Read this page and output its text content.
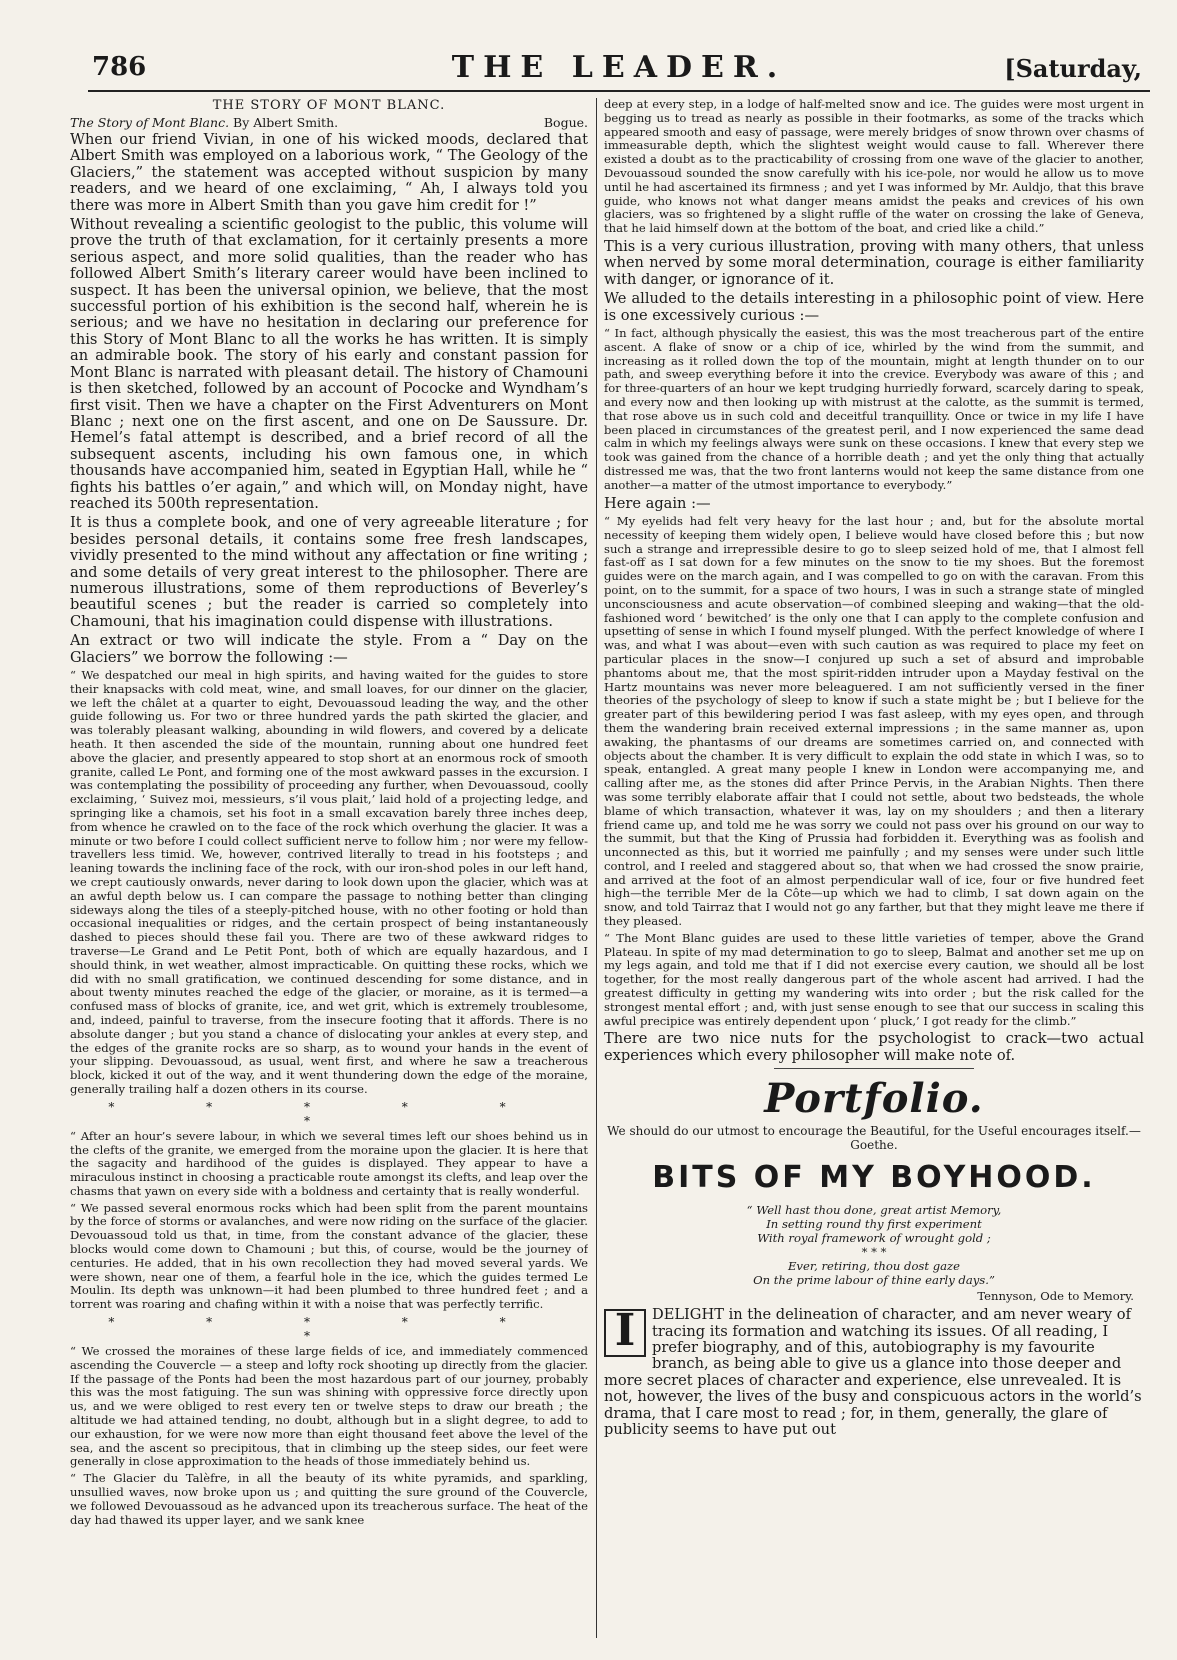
786	THE LEADER.	[Saturday,
THE STORY OF MONT BLANC.
The Story of Mont Blanc. By Albert Smith.	Bogue.

When our friend Vivian, in one of his wicked moods, declared that Albert Smith was employed on a laborious work, “ The Geology of the Glaciers,” the statement was accepted without suspicion by many readers, and we heard of one exclaiming, “ Ah, I always told you there was more in Albert Smith than you gave him credit for !”

Without revealing a scientific geologist to the public, this volume will prove the truth of that exclamation, for it certainly presents a more serious aspect, and more solid qualities, than the reader who has followed Albert Smith’s literary career would have been inclined to suspect. It has been the universal opinion, we believe, that the most successful portion of his exhibition is the second half, wherein he is serious; and we have no hesitation in declaring our preference for this Story of Mont Blanc to all the works he has written. It is simply an admirable book. The story of his early and constant passion for Mont Blanc is narrated with pleasant detail. The history of Chamouni is then sketched, followed by an account of Pococke and Wyndham’s first visit. Then we have a chapter on the First Adventurers on Mont Blanc ; next one on the first ascent, and one on De Saussure. Dr. Hemel’s fatal attempt is described, and a brief record of all the subsequent ascents, including his own famous one, in which thousands have accompanied him, seated in Egyptian Hall, while he “ fights his battles o’er again,” and which will, on Monday night, have reached its 500th representation.

It is thus a complete book, and one of very agreeable literature ; for besides personal details, it contains some free fresh landscapes, vividly presented to the mind without any affectation or fine writing ; and some details of very great interest to the philosopher. There are numerous illustrations, some of them reproductions of Beverley’s beautiful scenes ; but the reader is carried so completely into Chamouni, that his imagination could dispense with illustrations.

An extract or two will indicate the style. From a “ Day on the Glaciers” we borrow the following :—

“ We despatched our meal in high spirits, and having waited for the guides to store their knapsacks with cold meat, wine, and small loaves, for our dinner on the glacier, we left the châlet at a quarter to eight, Devouassoud leading the way, and the other guide following us. For two or three hundred yards the path skirted the glacier, and was tolerably pleasant walking, abounding in wild flowers, and covered by a delicate heath. It then ascended the side of the mountain, running about one hundred feet above the glacier, and presently appeared to stop short at an enormous rock of smooth granite, called Le Pont, and forming one of the most awkward passes in the excursion. I was contemplating the possibility of proceeding any further, when Devouassoud, coolly exclaiming, ‘ Suivez moi, messieurs, s’il vous plait,’ laid hold of a projecting ledge, and springing like a chamois, set his foot in a small excavation barely three inches deep, from whence he crawled on to the face of the rock which overhung the glacier. It was a minute or two before I could collect sufficient nerve to follow him ; nor were my fellow-travellers less timid. We, however, contrived literally to tread in his footsteps ; and leaning towards the inclining face of the rock, with our iron-shod poles in our left hand, we crept cautiously onwards, never daring to look down upon the glacier, which was at an awful depth below us. I can compare the passage to nothing better than clinging sideways along the tiles of a steeply-pitched house, with no other footing or hold than occasional inequalities or ridges, and the certain prospect of being instantaneously dashed to pieces should these fail you. There are two of these awkward ridges to traverse—Le Grand and Le Petit Pont, both of which are equally hazardous, and I should think, in wet weather, almost impracticable. On quitting these rocks, which we did with no small gratification, we continued descending for some distance, and in about twenty minutes reached the edge of the glacier, or moraine, as it is termed—a confused mass of blocks of granite, ice, and wet grit, which is extremely troublesome, and, indeed, painful to traverse, from the insecure footing that it affords. There is no absolute danger ; but you stand a chance of dislocating your ankles at every step, and the edges of the granite rocks are so sharp, as to wound your hands in the event of your slipping. Devouassoud, as usual, went first, and where he saw a treacherous block, kicked it out of the way, and it went thundering down the edge of the moraine, generally trailing half a dozen others in its course.

* * * * * *

“ After an hour’s severe labour, in which we several times left our shoes behind us in the clefts of the granite, we emerged from the moraine upon the glacier. It is here that the sagacity and hardihood of the guides is displayed. They appear to have a miraculous instinct in choosing a practicable route amongst its clefts, and leap over the chasms that yawn on every side with a boldness and certainty that is really wonderful.

“ We passed several enormous rocks which had been split from the parent mountains by the force of storms or avalanches, and were now riding on the surface of the glacier. Devouassoud told us that, in time, from the constant advance of the glacier, these blocks would come down to Chamouni ; but this, of course, would be the journey of centuries. He added, that in his own recollection they had moved several yards. We were shown, near one of them, a fearful hole in the ice, which the guides termed Le Moulin. Its depth was unknown—it had been plumbed to three hundred feet ; and a torrent was roaring and chafing within it with a noise that was perfectly terrific.

* * * * * *

“ We crossed the moraines of these large fields of ice, and immediately commenced ascending the Couvercle — a steep and lofty rock shooting up directly from the glacier. If the passage of the Ponts had been the most hazardous part of our journey, probably this was the most fatiguing. The sun was shining with oppressive force directly upon us, and we were obliged to rest every ten or twelve steps to draw our breath ; the altitude we had attained tending, no doubt, although but in a slight degree, to add to our exhaustion, for we were now more than eight thousand feet above the level of the sea, and the ascent so precipitous, that in climbing up the steep sides, our feet were generally in close approximation to the heads of those immediately behind us.

“ The Glacier du Talèfre, in all the beauty of its white pyramids, and sparkling, unsullied waves, now broke upon us ; and quitting the sure ground of the Couvercle, we followed Devouassoud as he advanced upon its treacherous surface. The heat of the day had thawed its upper layer, and we sank knee

deep at every step, in a lodge of half-melted snow and ice. The guides were most urgent in begging us to tread as nearly as possible in their footmarks, as some of the tracks which appeared smooth and easy of passage, were merely bridges of snow thrown over chasms of immeasurable depth, which the slightest weight would cause to fall. Wherever there existed a doubt as to the practicability of crossing from one wave of the glacier to another, Devouassoud sounded the snow carefully with his ice-pole, nor would he allow us to move until he had ascertained its firmness ; and yet I was informed by Mr. Auldjo, that this brave guide, who knows not what danger means amidst the peaks and crevices of his own glaciers, was so frightened by a slight ruffle of the water on crossing the lake of Geneva, that he laid himself down at the bottom of the boat, and cried like a child.”

This is a very curious illustration, proving with many others, that unless when nerved by some moral determination, courage is either familiarity with danger, or ignorance of it.

We alluded to the details interesting in a philosophic point of view. Here is one excessively curious :—

“ In fact, although physically the easiest, this was the most treacherous part of the entire ascent. A flake of snow or a chip of ice, whirled by the wind from the summit, and increasing as it rolled down the top of the mountain, might at length thunder on to our path, and sweep everything before it into the crevice. Everybody was aware of this ; and for three-quarters of an hour we kept trudging hurriedly forward, scarcely daring to speak, and every now and then looking up with mistrust at the calotte, as the summit is termed, that rose above us in such cold and deceitful tranquillity. Once or twice in my life I have been placed in circumstances of the greatest peril, and I now experienced the same dead calm in which my feelings always were sunk on these occasions. I knew that every step we took was gained from the chance of a horrible death ; and yet the only thing that actually distressed me was, that the two front lanterns would not keep the same distance from one another—a matter of the utmost importance to everybody.”

Here again :—

“ My eyelids had felt very heavy for the last hour ; and, but for the absolute mortal necessity of keeping them widely open, I believe would have closed before this ; but now such a strange and irrepressible desire to go to sleep seized hold of me, that I almost fell fast-off as I sat down for a few minutes on the snow to tie my shoes. But the foremost guides were on the march again, and I was compelled to go on with the caravan. From this point, on to the summit, for a space of two hours, I was in such a strange state of mingled unconsciousness and acute observation—of combined sleeping and waking—that the old-fashioned word ‘ bewitched’ is the only one that I can apply to the complete confusion and upsetting of sense in which I found myself plunged. With the perfect knowledge of where I was, and what I was about—even with such caution as was required to place my feet on particular places in the snow—I conjured up such a set of absurd and improbable phantoms about me, that the most spirit-ridden intruder upon a Mayday festival on the Hartz mountains was never more beleaguered. I am not sufficiently versed in the finer theories of the psychology of sleep to know if such a state might be ; but I believe for the greater part of this bewildering period I was fast asleep, with my eyes open, and through them the wandering brain received external impressions ; in the same manner as, upon awaking, the phantasms of our dreams are sometimes carried on, and connected with objects about the chamber. It is very difficult to explain the odd state in which I was, so to speak, entangled. A great many people I knew in London were accompanying me, and calling after me, as the stones did after Prince Pervis, in the Arabian Nights. Then there was some terribly elaborate affair that I could not settle, about two bedsteads, the whole blame of which transaction, whatever it was, lay on my shoulders ; and then a literary friend came up, and told me he was sorry we could not pass over his ground on our way to the summit, but that the King of Prussia had forbidden it. Everything was as foolish and unconnected as this, but it worried me painfully ; and my senses were under such little control, and I reeled and staggered about so, that when we had crossed the snow prairie, and arrived at the foot of an almost perpendicular wall of ice, four or five hundred feet high—the terrible Mer de la Côte—up which we had to climb, I sat down again on the snow, and told Tairraz that I would not go any farther, but that they might leave me there if they pleased.

“ The Mont Blanc guides are used to these little varieties of temper, above the Grand Plateau. In spite of my mad determination to go to sleep, Balmat and another set me up on my legs again, and told me that if I did not exercise every caution, we should all be lost together, for the most really dangerous part of the whole ascent had arrived. I had the greatest difficulty in getting my wandering wits into order ; but the risk called for the strongest mental effort ; and, with just sense enough to see that our success in scaling this awful precipice was entirely dependent upon ‘ pluck,’ I got ready for the climb.”

There are two nice nuts for the psychologist to crack—two actual experiences which every philosopher will make note of.

Portfolio.
We should do our utmost to encourage the Beautiful, for the Useful encourages itself.—Goethe.
BITS OF MY BOYHOOD.
“ Well hast thou done, great artist Memory,
In setting round thy first experiment
With royal framework of wrought gold ;
* * *
Ever, retiring, thou dost gaze
On the prime labour of thine early days.”
Tennyson, Ode to Memory.
I	DELIGHT in the delineation of character, and am never weary of tracing its formation and watching its issues. Of all reading, I prefer biography, and of this, autobiography is my favourite branch, as being able to give us a glance into those deeper and more secret places of character and experience, else unrevealed. It is not, however, the lives of the busy and conspicuous actors in the world’s drama, that I care most to read ; for, in them, generally, the glare of publicity seems to have put out
